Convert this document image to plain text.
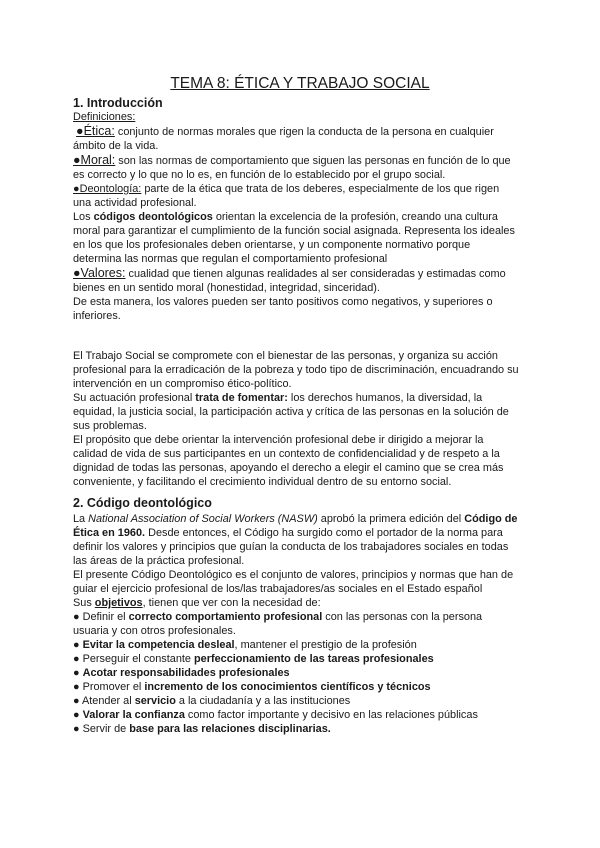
TEMA 8: ÉTICA Y TRABAJO SOCIAL
1. Introducción
Definiciones:
●Ética: conjunto de normas morales que rigen la conducta de la persona en cualquier
ámbito de la vida.
●Moral: son las normas de comportamiento que siguen las personas en función de lo que
es correcto y lo que no lo es, en función de lo establecido por el grupo social.
●Deontología: parte de la ética que trata de los deberes, especialmente de los que rigen
una actividad profesional.
Los códigos deontológicos orientan la excelencia de la profesión, creando una cultura
moral para garantizar el cumplimiento de la función social asignada. Representa los ideales
en los que los profesionales deben orientarse, y un componente normativo porque
determina las normas que regulan el comportamiento profesional
●Valores: cualidad que tienen algunas realidades al ser consideradas y estimadas como
bienes en un sentido moral (honestidad, integridad, sinceridad).
De esta manera, los valores pueden ser tanto positivos como negativos, y superiores o
inferiores.
El Trabajo Social se compromete con el bienestar de las personas, y organiza su acción
profesional para la erradicación de la pobreza y todo tipo de discriminación, encuadrando su
intervención en un compromiso ético-político.
Su actuación profesional trata de fomentar: los derechos humanos, la diversidad, la
equidad, la justicia social, la participación activa y crítica de las personas en la solución de
sus problemas.
El propósito que debe orientar la intervención profesional debe ir dirigido a mejorar la
calidad de vida de sus participantes en un contexto de confidencialidad y de respeto a la
dignidad de todas las personas, apoyando el derecho a elegir el camino que se crea más
conveniente, y facilitando el crecimiento individual dentro de su entorno social.
2. Código deontológico
La National Association of Social Workers (NASW) aprobó la primera edición del Código de
Ética en 1960. Desde entonces, el Código ha surgido como el portador de la norma para
definir los valores y principios que guían la conducta de los trabajadores sociales en todas
las áreas de la práctica profesional.
El presente Código Deontológico es el conjunto de valores, principios y normas que han de
guiar el ejercicio profesional de los/las trabajadores/as sociales en el Estado español
Sus objetivos, tienen que ver con la necesidad de:
● Definir el correcto comportamiento profesional con las personas con la persona
usuaria y con otros profesionales.
● Evitar la competencia desleal, mantener el prestigio de la profesión
● Perseguir el constante perfeccionamiento de las tareas profesionales
● Acotar responsabilidades profesionales
● Promover el incremento de los conocimientos científicos y técnicos
● Atender al servicio a la ciudadanía y a las instituciones
● Valorar la confianza como factor importante y decisivo en las relaciones públicas
● Servir de base para las relaciones disciplinarias.
